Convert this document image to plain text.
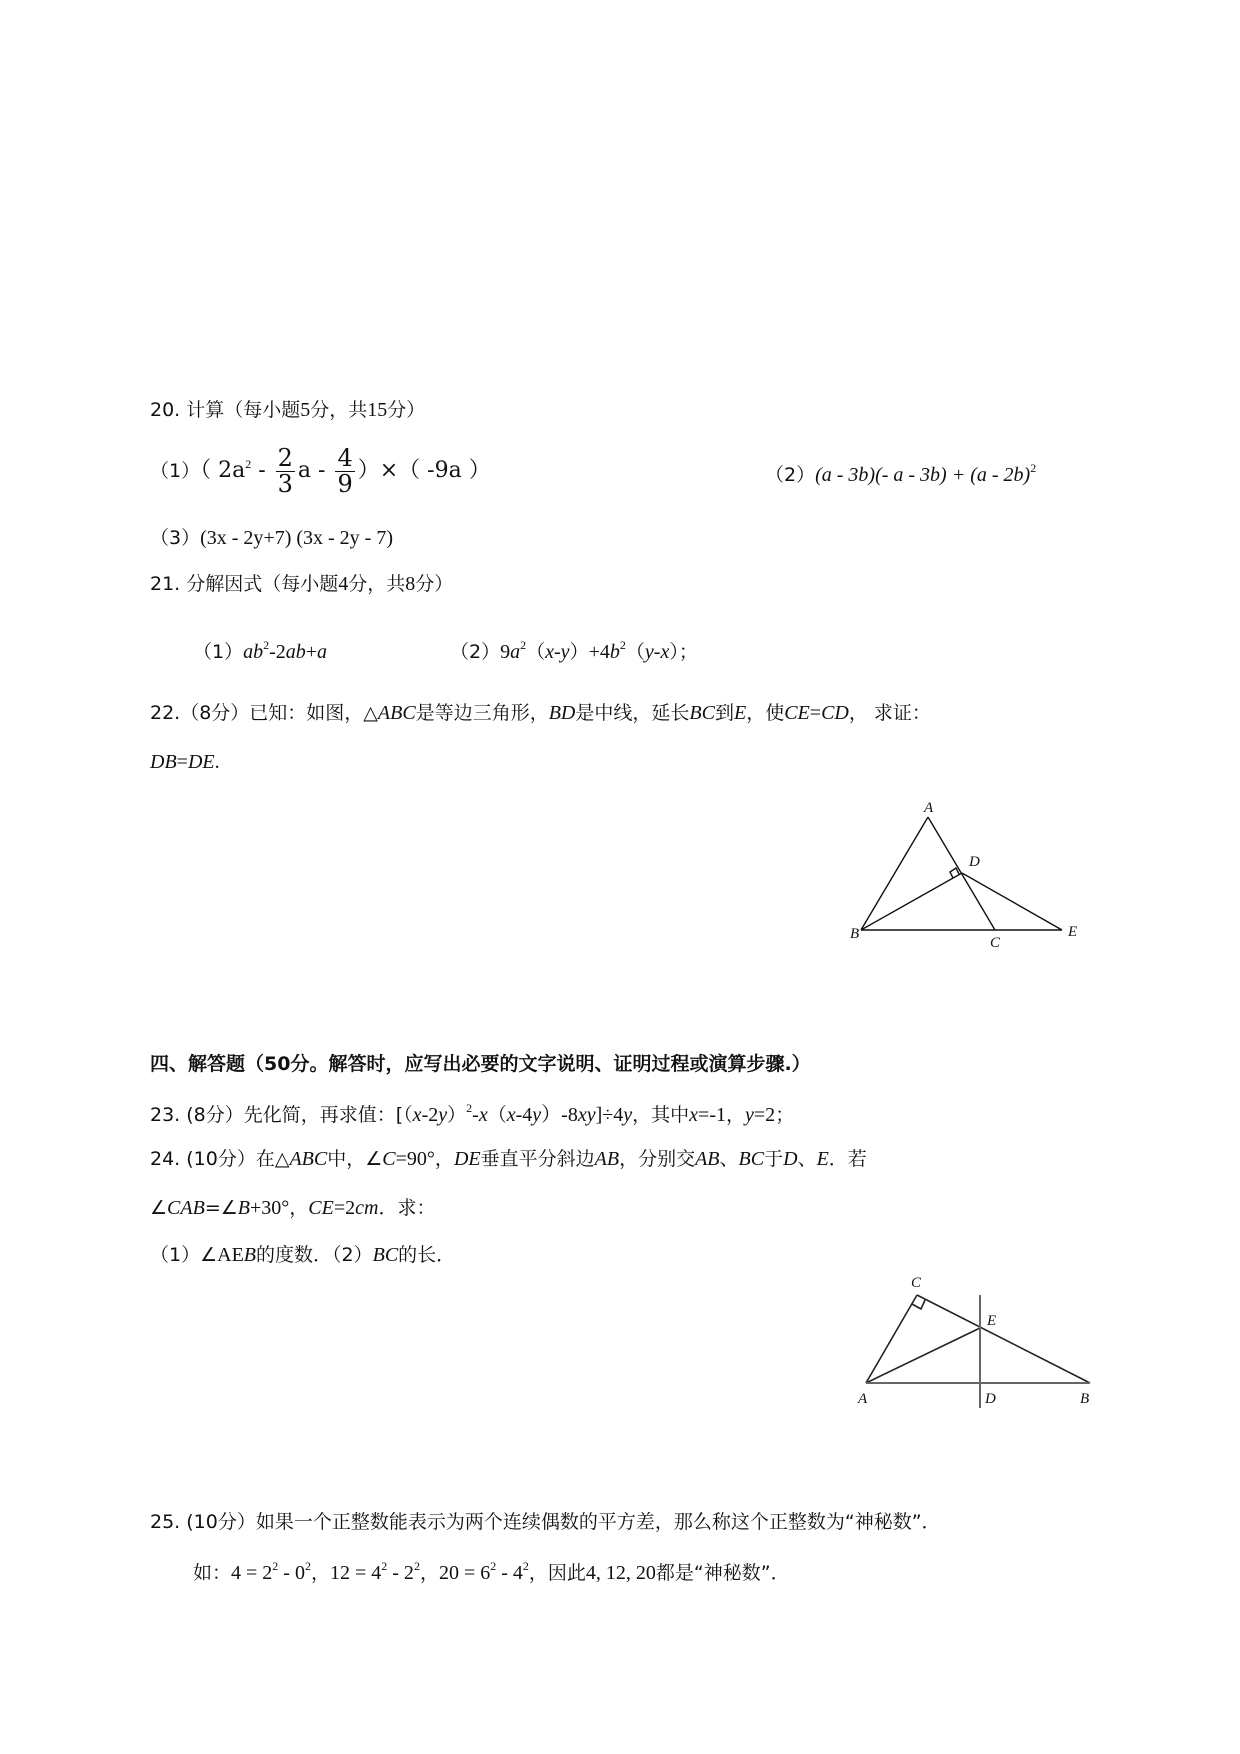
20. 计算（每小题5分，共15分）
（1）（ $2a^2 - \frac{2}{3}$ a - $\frac{4}{9}$ ）×（ -9a ）	（2）(a - 3b)(- a - 3b) + (a - 2b)$^2$
（3）(3x - 2y+7) (3x - 2y - 7)
21. 分解因式（每小题4分，共8分）
$(1)ab^2-2ab+a$	$(2)9a^2(x-y)+4b^2(y-x)$；
22.（8分）已知：如图，△ABC是等边三角形，BD是中线，延长BC到E，使CE=CD， 求证：
DB=DE.
A
D
B
C
E
四、解答题（50分。解答时，应写出必要的文字说明、证明过程或演算步骤.）
23. (8分）先化简，再求值：$[(x-2y)^2-x(x-4y)-8xy]\div 4y$，其中x=-1，y=2；
24. (10分）在△ABC中，∠C=90°，DE垂直平分斜边AB，分别交AB、BC于D、E．若
∠CAB=∠B+30°，CE=2cm．求：
（1）∠AEB的度数．（2）BC的长．
C
E
A	D	B
25. (10分）如果一个正整数能表示为两个连续偶数的平方差，那么称这个正整数为“神秘数”．
如：$4 = 2^2 - 0^2$，$12 = 4^2 - 2^2$，$20 = 6^2 - 4^2$，因此4, 12, 20都是“神秘数”．
